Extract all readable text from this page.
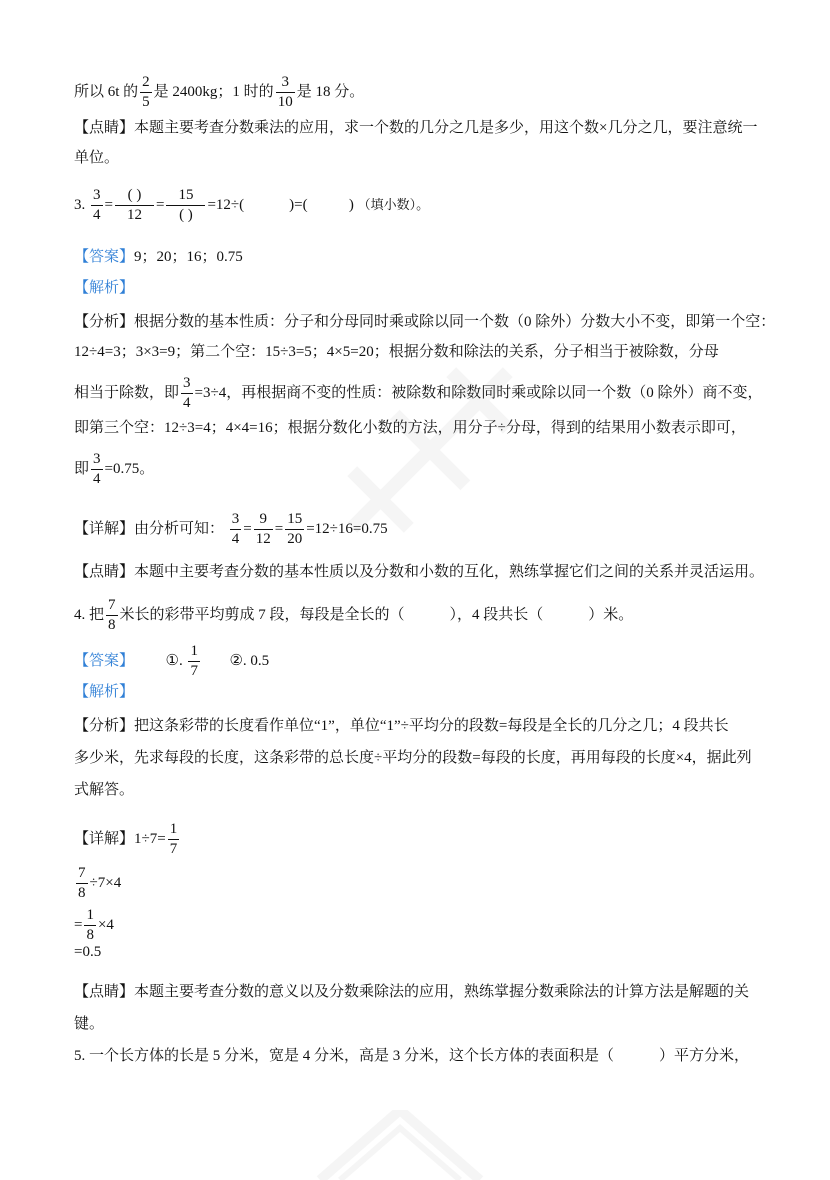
所以 6t 的 $\frac{2}{5}$ 是 2400kg；1 时的 $\frac{3}{10}$ 是 18 分。
【点睛】本题主要考查分数乘法的应用，求一个数的几分之几是多少，用这个数×几分之几，要注意统一
单位。
3. $\frac{3}{4} = \frac{( )}{12} = \frac{15}{( )} =12\div$(            )=(           ) （填小数）。
【答案】9；20；16；0.75
【解析】
【分析】根据分数的基本性质：分子和分母同时乘或除以同一个数（0 除外）分数大小不变，即第一个空：
12÷4=3；3×3=9；第二个空：15÷3=5；4×5=20；根据分数和除法的关系，分子相当于被除数，分母
相当于除数，即 $\frac{3}{4} =3\div 4$，再根据商不变的性质：被除数和除数同时乘或除以同一个数（0 除外）商不变，
即第三个空：12÷3=4；4×4=16；根据分数化小数的方法，用分子÷分母，得到的结果用小数表示即可，
即 $\frac{3}{4} =0.75$。
【详解】由分析可知： $\frac{3}{4} = \frac{9}{12} = \frac{15}{20} =12\div 16=0.75$
【点睛】本题中主要考查分数的基本性质以及分数和小数的互化，熟练掌握它们之间的关系并灵活运用。
4. 把 $\frac{7}{8}$ 米长的彩带平均剪成 7 段，每段是全长的（            ），4 段共长（            ）米。
【答案】 ①. $\frac{1}{7}$ ②. 0.5
【解析】
【分析】把这条彩带的长度看作单位“1”，单位“1”÷平均分的段数=每段是全长的几分之几；4 段共长
多少米，先求每段的长度，这条彩带的总长度÷平均分的段数=每段的长度，再用每段的长度×4，据此列
式解答。
【详解】$1\div 7= \frac{1}{7}$
$\frac{7}{8} \div 7\times 4$
= $\frac{1}{8} \times 4$
=0.5
【点睛】本题主要考查分数的意义以及分数乘除法的应用，熟练掌握分数乘除法的计算方法是解题的关
键。
5. 一个长方体的长是 5 分米，宽是 4 分米，高是 3 分米，这个长方体的表面积是（            ）平方分米，
